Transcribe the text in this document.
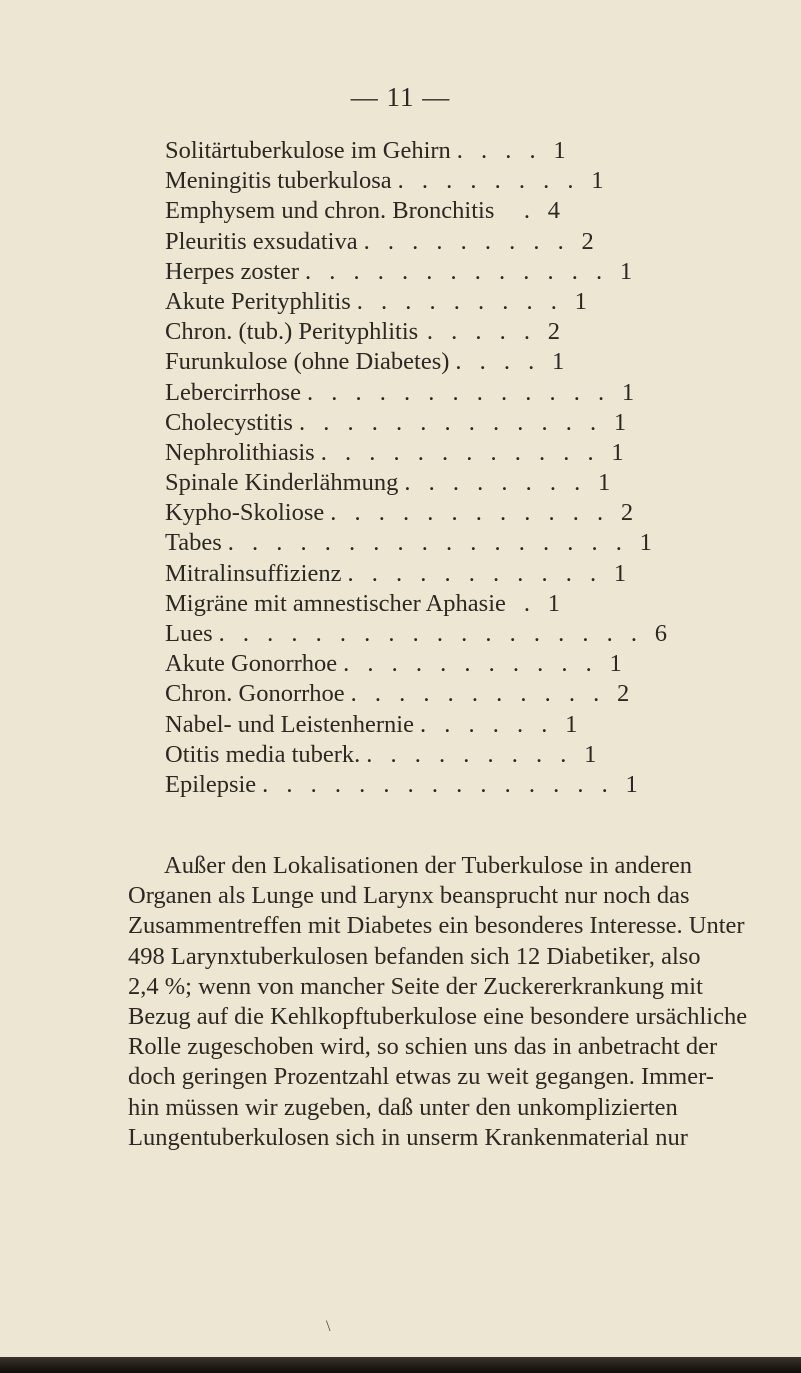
— 11 —
Solitärtuberkulose im Gehirn . . . . 1
Meningitis tuberkulosa . . . . . . . . 1
Emphysem und chron. Bronchitis	. 4
Pleuritis exsudativa . . . . . . . . . 2
Herpes zoster . . . . . . . . . . . . . 1
Akute Perityphlitis . . . . . . . . . 1
Chron. (tub.) Perityphlitis . . . . . 2
Furunkulose (ohne Diabetes) . . . . 1
Lebercirrhose . . . . . . . . . . . . . 1
Cholecystitis . . . . . . . . . . . . . 1
Nephrolithiasis . . . . . . . . . . . . 1
Spinale Kinderlähmung . . . . . . . . 1
Kypho-Skoliose . . . . . . . . . . . . 2
Tabes . . . . . . . . . . . . . . . . . 1
Mitralinsuffizienz . . . . . . . . . . . 1
Migräne mit amnestischer Aphasie . 1
Lues . . . . . . . . . . . . . . . . . . 6
Akute Gonorrhoe . . . . . . . . . . . 1
Chron. Gonorrhoe . . . . . . . . . . . 2
Nabel- und Leistenhernie . . . . . . 1
Otitis media tuberk. . . . . . . . . . 1
Epilepsie . . . . . . . . . . . . . . . 1
Außer den Lokalisationen der Tuberkulose in anderen
Organen als Lunge und Larynx beansprucht nur noch das
Zusammentreffen mit Diabetes ein besonderes Interesse. Unter
498 Larynxtuberkulosen befanden sich 12 Diabetiker, also
2,4 %; wenn von mancher Seite der Zuckererkrankung mit
Bezug auf die Kehlkopftuberkulose eine besondere ursächliche
Rolle zugeschoben wird, so schien uns das in anbetracht der
doch geringen Prozentzahl etwas zu weit gegangen. Immer-
hin müssen wir zugeben, daß unter den unkomplizierten
Lungentuberkulosen sich in unserm Krankenmaterial nur
\
